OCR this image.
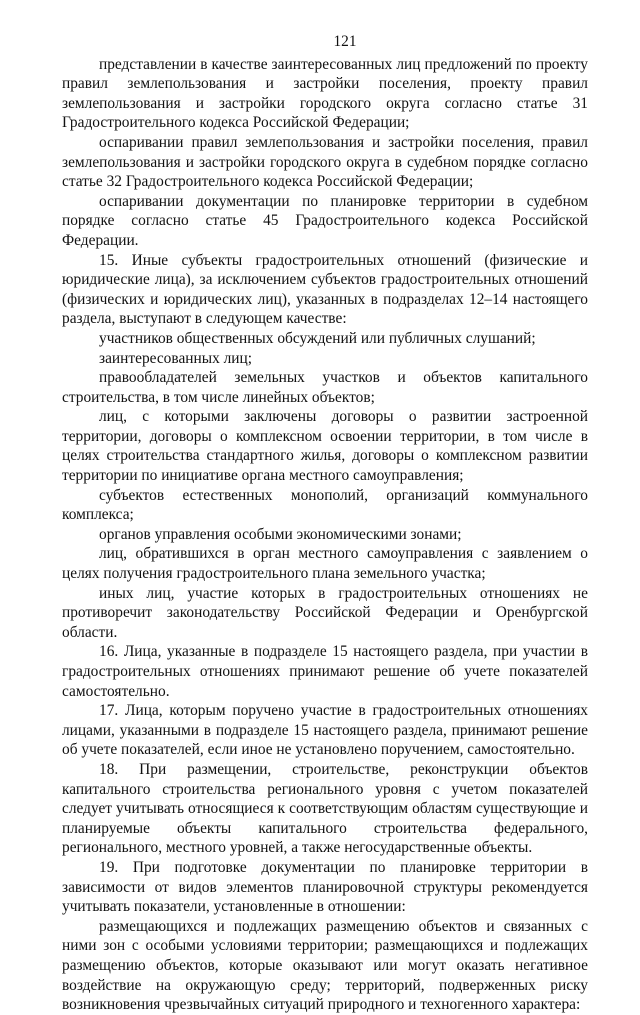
121

представлении в качестве заинтересованных лиц предложений по проекту правил землепользования и застройки поселения, проекту правил землепользования и застройки городского округа согласно статье 31 Градостроительного кодекса Российской Федерации;

оспаривании правил землепользования и застройки поселения, правил землепользования и застройки городского округа в судебном порядке согласно статье 32 Градостроительного кодекса Российской Федерации;

оспаривании документации по планировке территории в судебном порядке согласно статье 45 Градостроительного кодекса Российской Федерации.

15. Иные субъекты градостроительных отношений (физические и юридические лица), за исключением субъектов градостроительных отношений (физических и юридических лиц), указанных в подразделах 12–14 настоящего раздела, выступают в следующем качестве:

участников общественных обсуждений или публичных слушаний;

заинтересованных лиц;

правообладателей земельных участков и объектов капитального строительства, в том числе линейных объектов;

лиц, с которыми заключены договоры о развитии застроенной территории, договоры о комплексном освоении территории, в том числе в целях строительства стандартного жилья, договоры о комплексном развитии территории по инициативе органа местного самоуправления;

субъектов естественных монополий, организаций коммунального комплекса;

органов управления особыми экономическими зонами;

лиц, обратившихся в орган местного самоуправления с заявлением о целях получения градостроительного плана земельного участка;

иных лиц, участие которых в градостроительных отношениях не противоречит законодательству Российской Федерации и Оренбургской области.

16. Лица, указанные в подразделе 15 настоящего раздела, при участии в градостроительных отношениях принимают решение об учете показателей самостоятельно.

17. Лица, которым поручено участие в градостроительных отношениях лицами, указанными в подразделе 15 настоящего раздела, принимают решение об учете показателей, если иное не установлено поручением, самостоятельно.

18. При размещении, строительстве, реконструкции объектов капитального строительства регионального уровня с учетом показателей следует учитывать относящиеся к соответствующим областям существующие и планируемые объекты капитального строительства федерального, регионального, местного уровней, а также негосударственные объекты.

19. При подготовке документации по планировке территории в зависимости от видов элементов планировочной структуры рекомендуется учитывать показатели, установленные в отношении:

размещающихся и подлежащих размещению объектов и связанных с ними зон с особыми условиями территории; размещающихся и подлежащих размещению объектов, которые оказывают или могут оказать негативное воздействие на окружающую среду; территорий, подверженных риску возникновения чрезвычайных ситуаций природного и техногенного характера:
